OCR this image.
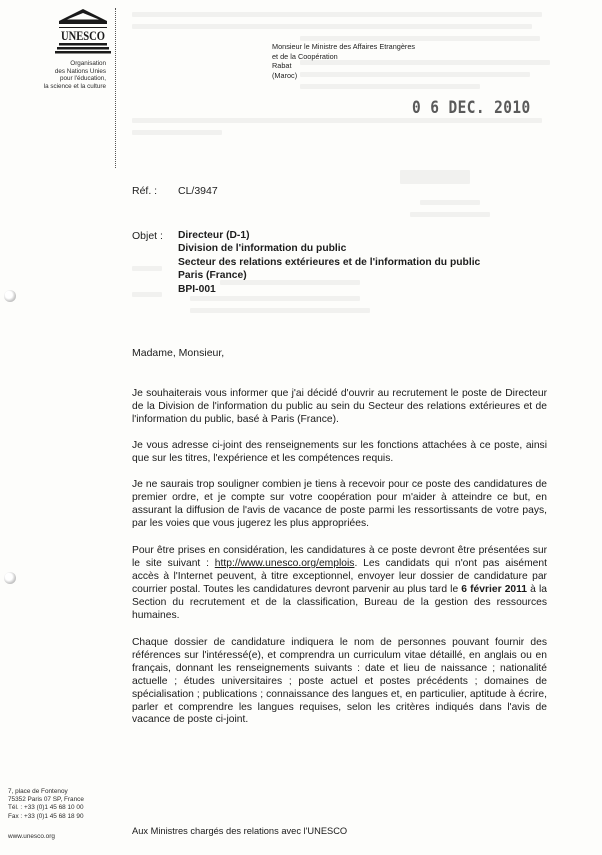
UNESCO
Organisation
des Nations Unies
pour l'éducation,
la science et la culture
Monsieur le Ministre des Affaires Etrangères
et de la Coopération
Rabat
(Maroc)
0 6 DEC. 2010
Réf. : CL/3947
Objet : Directeur (D-1)
Division de l'information du public
Secteur des relations extérieures et de l'information du public
Paris (France)
BPI-001
Madame, Monsieur,
Je souhaiterais vous informer que j'ai décidé d'ouvrir au recrutement le poste de Directeur de la Division de l'information du public au sein du Secteur des relations extérieures et de l'information du public, basé à Paris (France).
Je vous adresse ci-joint des renseignements sur les fonctions attachées à ce poste, ainsi que sur les titres, l'expérience et les compétences requis.
Je ne saurais trop souligner combien je tiens à recevoir pour ce poste des candidatures de premier ordre, et je compte sur votre coopération pour m'aider à atteindre ce but, en assurant la diffusion de l'avis de vacance de poste parmi les ressortissants de votre pays, par les voies que vous jugerez les plus appropriées.
Pour être prises en considération, les candidatures à ce poste devront être présentées sur le site suivant : http://www.unesco.org/emplois. Les candidats qui n'ont pas aisément accès à l'Internet peuvent, à titre exceptionnel, envoyer leur dossier de candidature par courrier postal. Toutes les candidatures devront parvenir au plus tard le 6 février 2011 à la Section du recrutement et de la classification, Bureau de la gestion des ressources humaines.
Chaque dossier de candidature indiquera le nom de personnes pouvant fournir des références sur l'intéressé(e), et comprendra un curriculum vitae détaillé, en anglais ou en français, donnant les renseignements suivants : date et lieu de naissance ; nationalité actuelle ; études universitaires ; poste actuel et postes précédents ; domaines de spécialisation ; publications ; connaissance des langues et, en particulier, aptitude à écrire, parler et comprendre les langues requises, selon les critères indiqués dans l'avis de vacance de poste ci-joint.
7, place de Fontenoy
75352 Paris 07 SP, France
Tél. : +33 (0)1 45 68 10 00
Fax : +33 (0)1 45 68 18 90
www.unesco.org
Aux Ministres chargés des relations avec l'UNESCO
